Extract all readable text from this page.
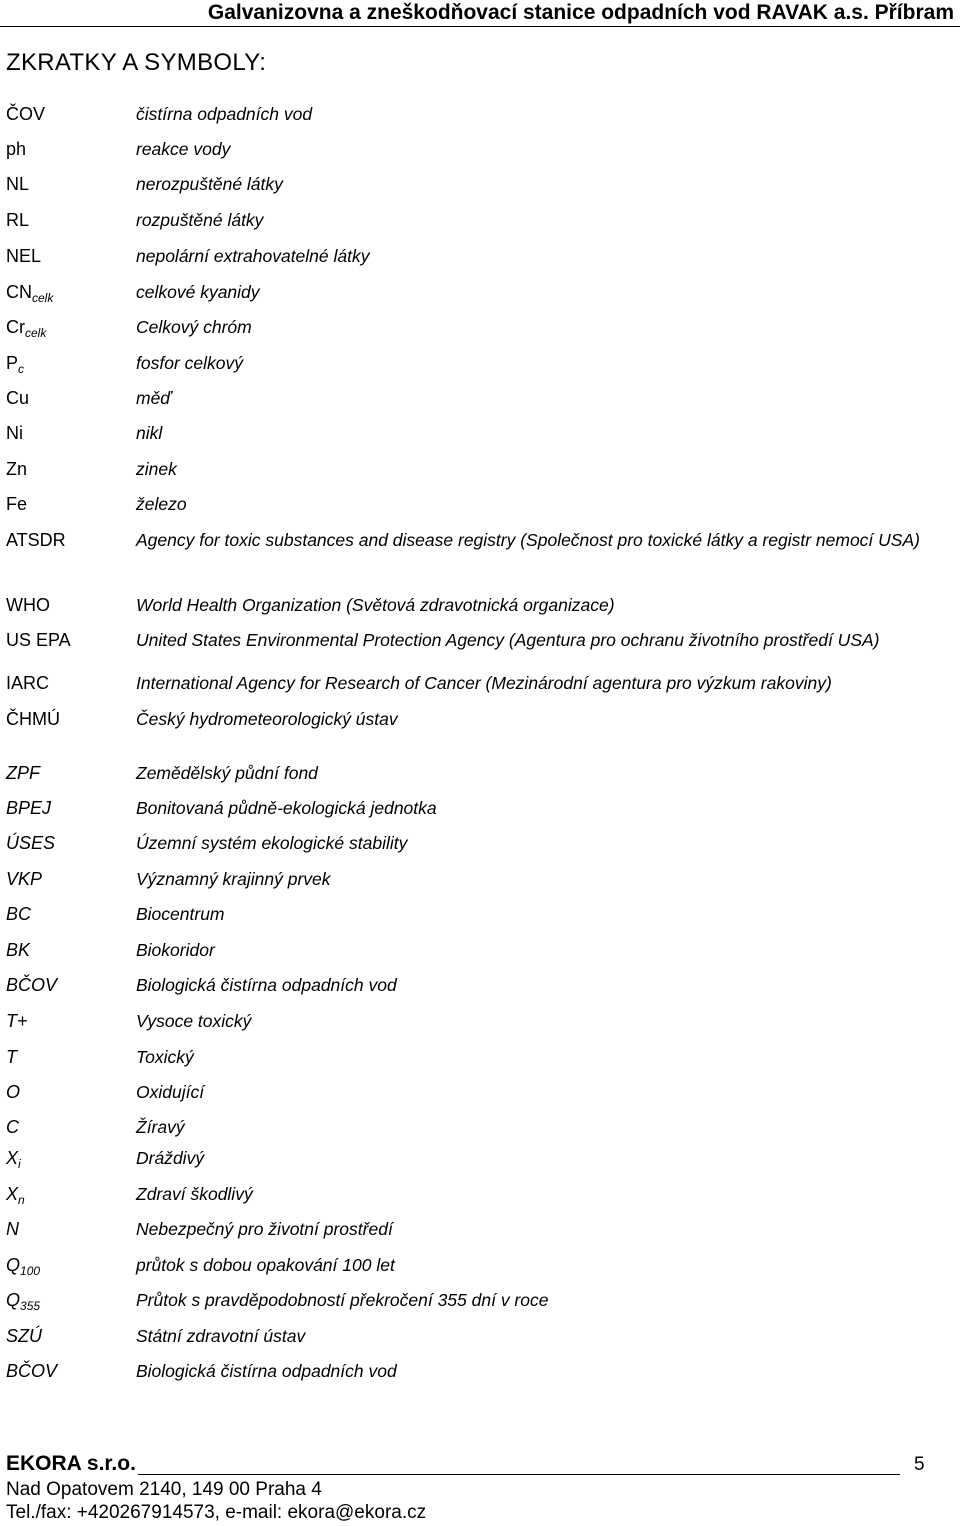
Galvanizovna a zneškodňovací stanice odpadních vod RAVAK a.s. Příbram
ZKRATKY A SYMBOLY:
ČOV	čistírna odpadních vod
ph	reakce vody
NL	nerozpuštěné látky
RL	rozpuštěné látky
NEL	nepolární extrahovatelné látky
$CN_{celk}$	celkové kyanidy
$Cr_{celk}$	Celkový chróm
$P_c$	fosfor celkový
Cu	měď
Ni	nikl
Zn	zinek
Fe	železo
ATSDR	Agency for toxic substances and disease registry (Společnost pro toxické látky a registr nemocí USA)
WHO	World Health Organization (Světová zdravotnická organizace)
US EPA	United States Environmental Protection Agency (Agentura pro ochranu životního prostředí USA)
IARC	International Agency for Research of Cancer (Mezinárodní agentura pro výzkum rakoviny)
ČHMÚ	Český hydrometeorologický ústav
ZPF	Zemědělský půdní fond
BPEJ	Bonitovaná půdně-ekologická jednotka
ÚSES	Územní systém ekologické stability
VKP	Významný krajinný prvek
BC	Biocentrum
BK	Biokoridor
BČOV	Biologická čistírna odpadních vod
T+	Vysoce toxický
T	Toxický
O	Oxidující
C	Žíravý
$X_i$	Dráždivý
$X_n$	Zdraví škodlivý
N	Nebezpečný pro životní prostředí
$Q_{100}$	průtok s dobou opakování 100 let
$Q_{355}$	Průtok s pravděpodobností překročení 355 dní v roce
SZÚ	Státní zdravotní ústav
BČOV	Biologická čistírna odpadních vod
EKORA s.r.o.	5
Nad Opatovem 2140, 149 00 Praha 4
Tel./fax: +420267914573, e-mail: ekora@ekora.cz
